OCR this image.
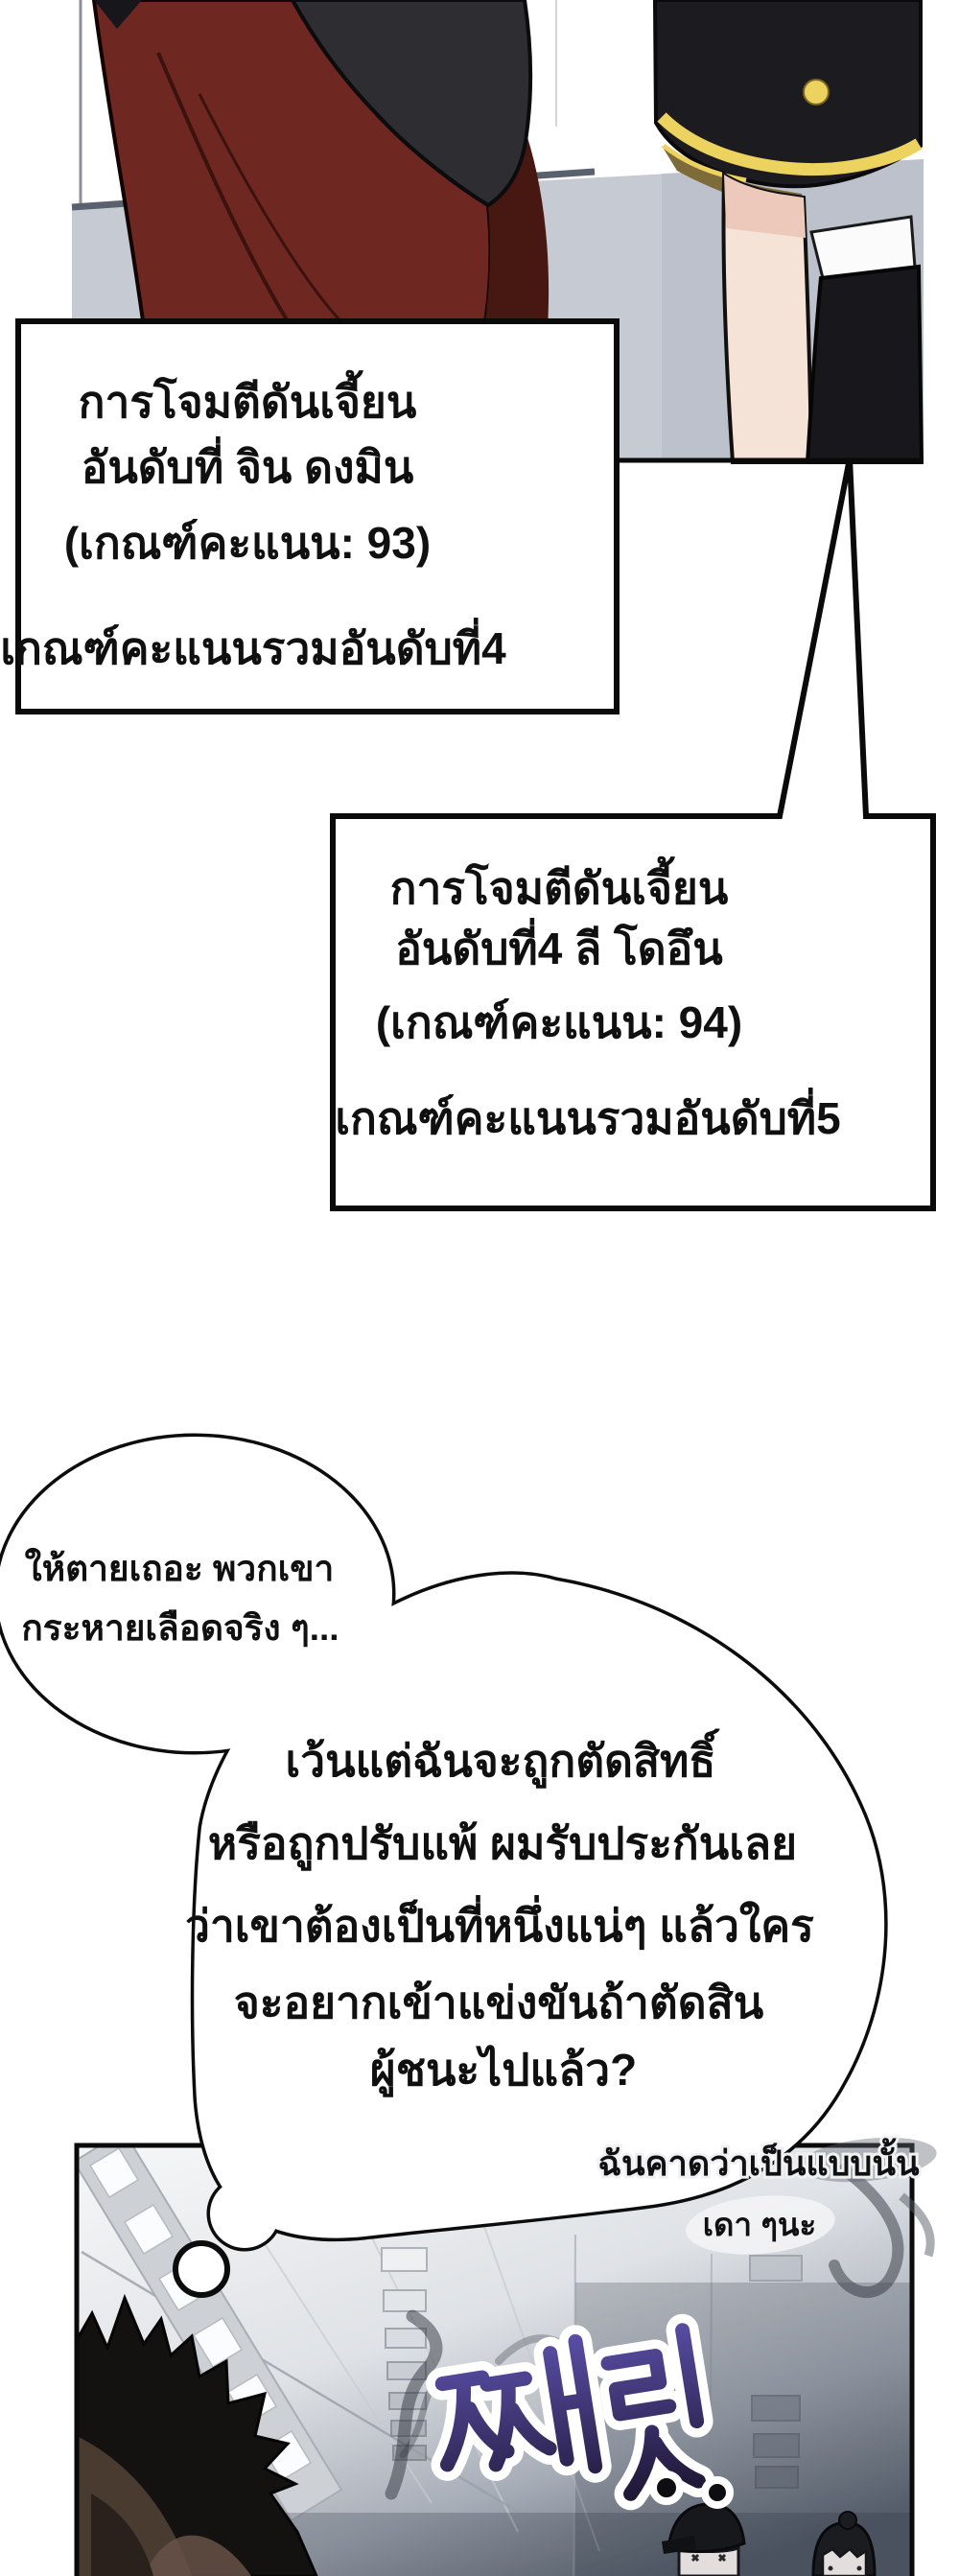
การโจมตีดันเจี้ยน
อันดับที่ จิน ดงมิน
(เกณฑ์คะแนน: 93)
เกณฑ์คะแนนรวมอันดับที่4
การโจมตีดันเจี้ยน
อันดับที่4 ลี โดอึน
(เกณฑ์คะแนน: 94)
เกณฑ์คะแนนรวมอันดับที่5
ให้ตายเถอะ พวกเขา
กระหายเลือดจริง ๆ...
เว้นแต่ฉันจะถูกตัดสิทธิ์
หรือถูกปรับแพ้ ผมรับประกันเลย
ว่าเขาต้องเป็นที่หนึ่งแน่ๆ แล้วใคร
จะอยากเข้าแข่งขันถ้าตัดสิน
ผู้ชนะไปแล้ว?
ฉันคาดว่าเป็นแบบนั้น
เดา ๆนะ
